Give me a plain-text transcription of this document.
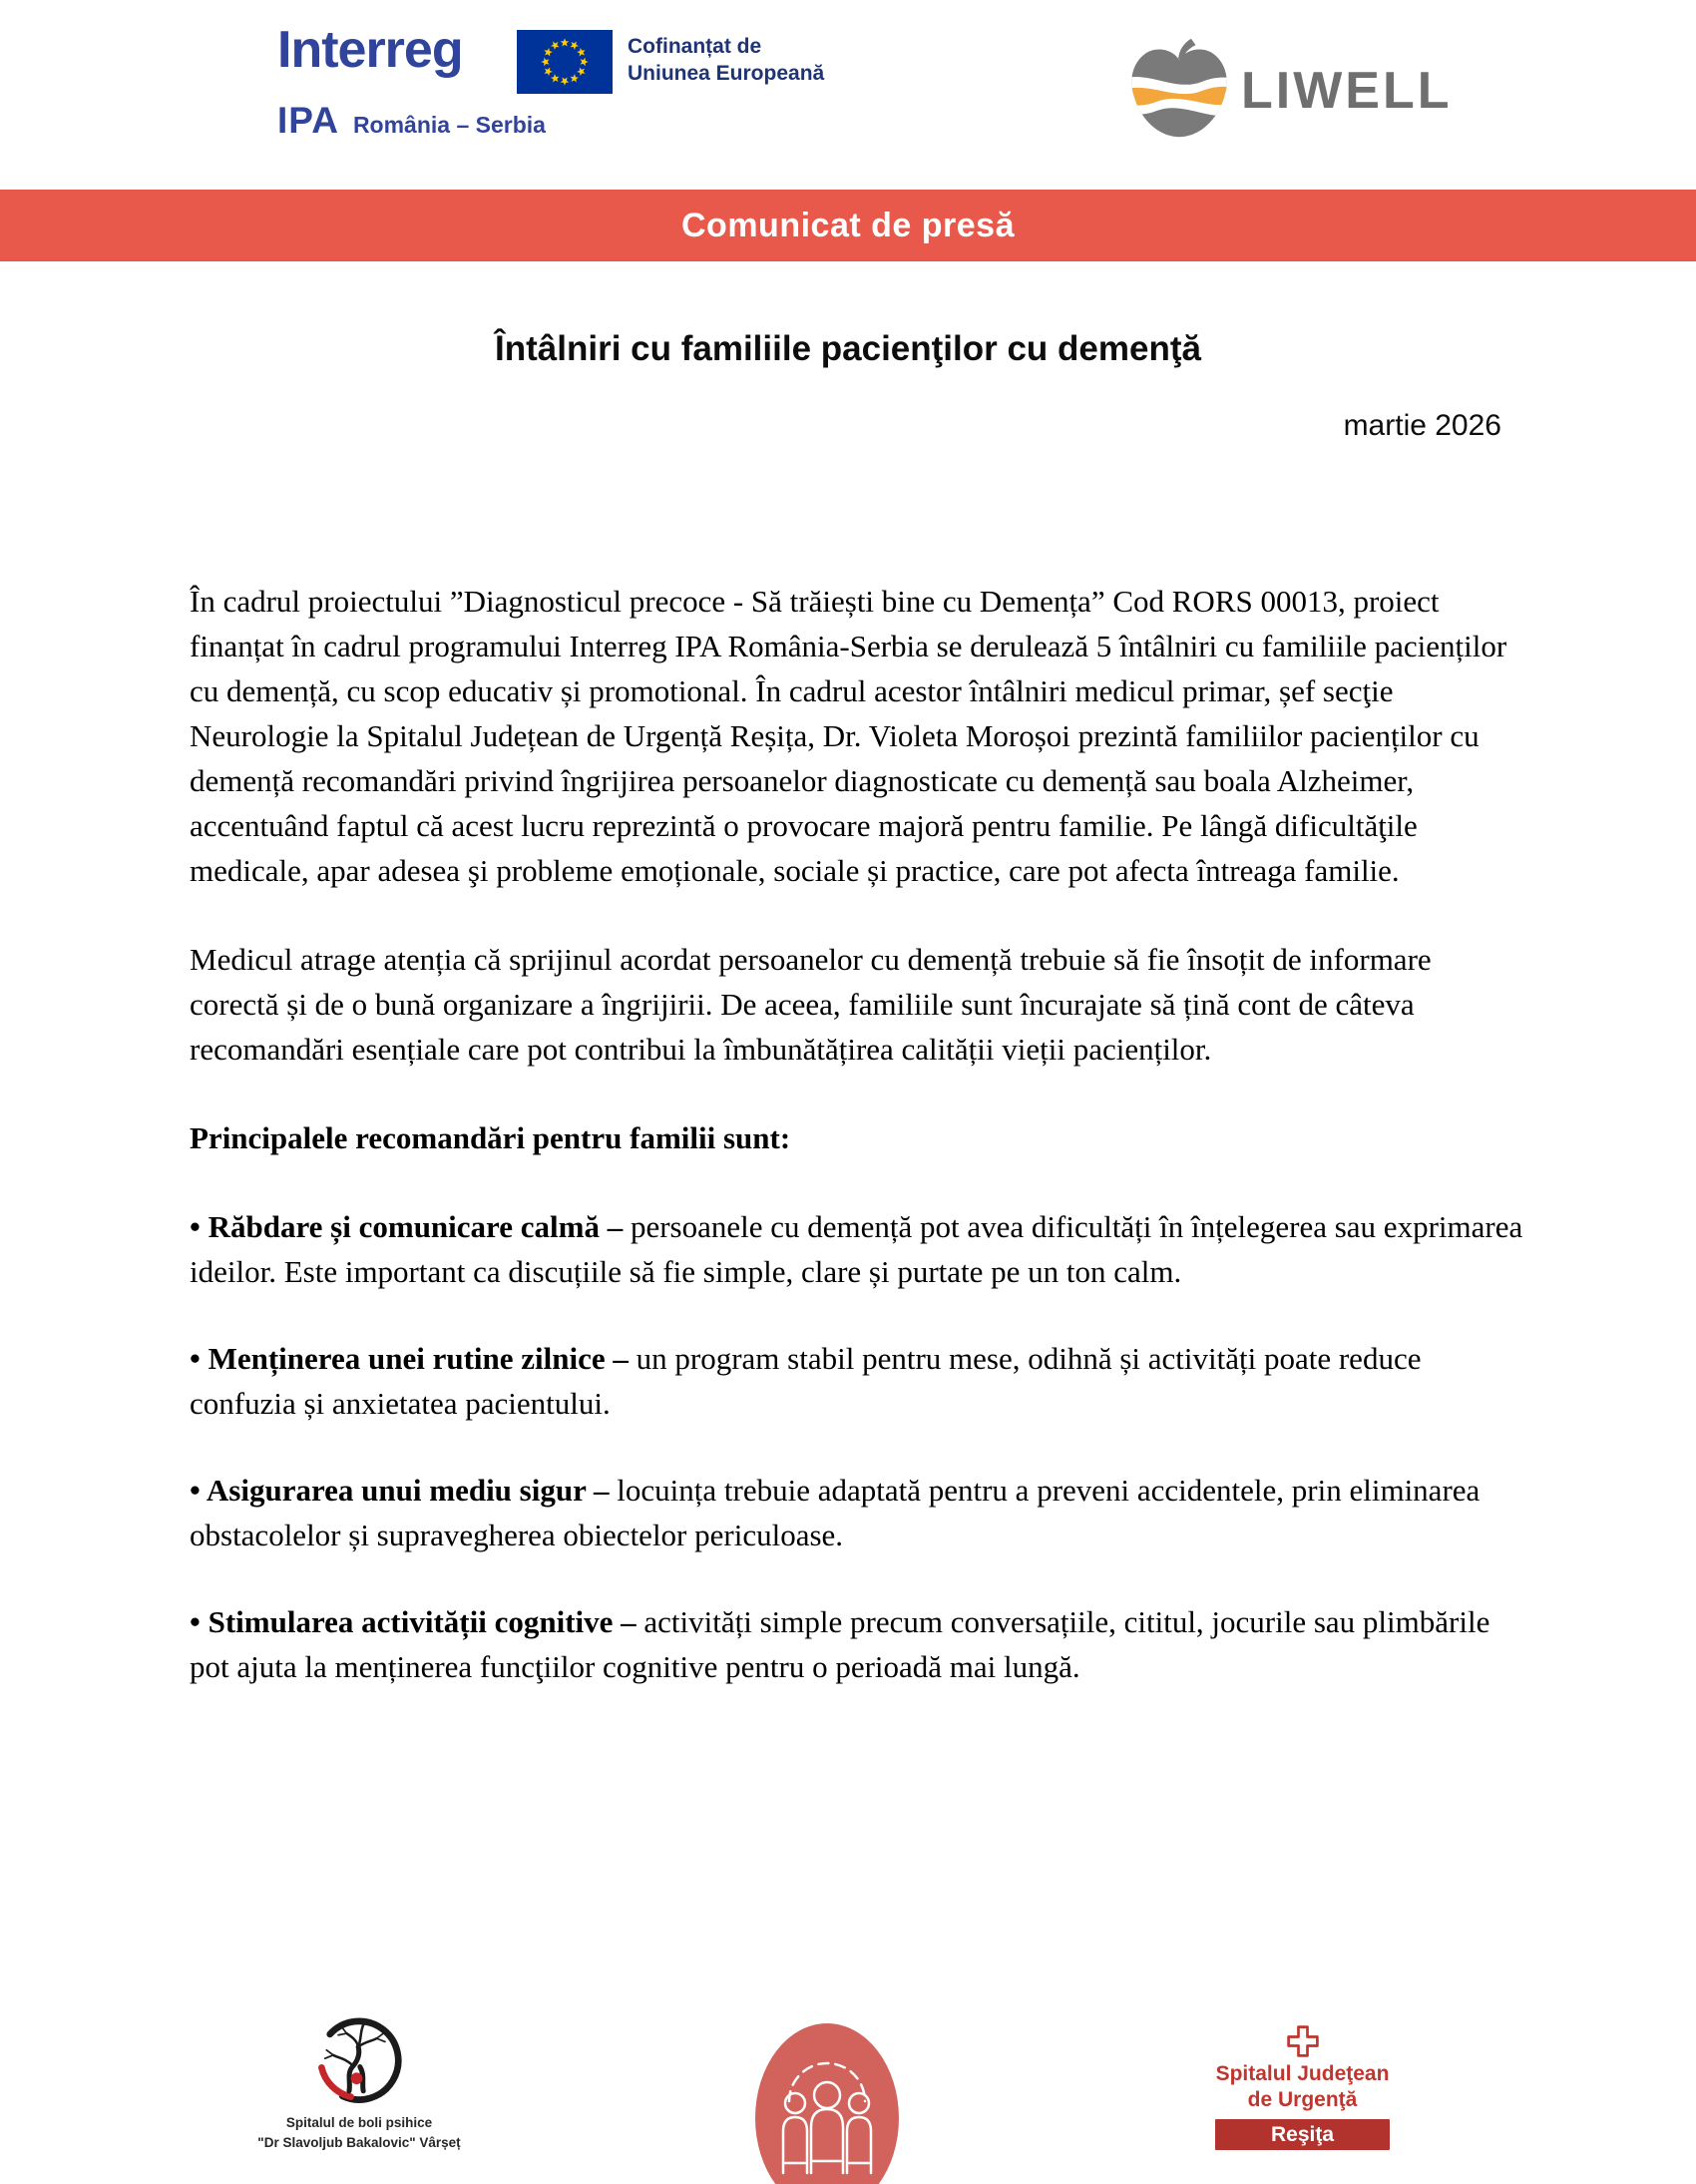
Interreg
IPA România – Serbia
Cofinanțat de
Uniunea Europeană	LIWELL
Comunicat de presă
Întâlniri cu familiile pacienţilor cu demenţă
martie 2026

În cadrul proiectului ”Diagnosticul precoce - Să trăiești bine cu Demența” Cod RORS 00013, proiect finanțat în cadrul programului Interreg IPA România-Serbia se derulează 5 întâlniri cu familiile pacienților cu demență, cu scop educativ și promotional. În cadrul acestor întâlniri medicul primar, șef secţie Neurologie la Spitalul Județean de Urgență Reșița, Dr. Violeta Moroșoi prezintă familiilor pacienților cu demență recomandări privind îngrijirea persoanelor diagnosticate cu demență sau boala Alzheimer, accentuând faptul că acest lucru reprezintă o provocare majoră pentru familie. Pe lângă dificultăţile medicale, apar adesea şi probleme emoționale, sociale și practice, care pot afecta întreaga familie.

Medicul atrage atenția că sprijinul acordat persoanelor cu demență trebuie să fie însoțit de informare corectă și de o bună organizare a îngrijirii. De aceea, familiile sunt încurajate să țină cont de câteva recomandări esențiale care pot contribui la îmbunătățirea calității vieții pacienților.

Principalele recomandări pentru familii sunt:

• Răbdare și comunicare calmă – persoanele cu demență pot avea dificultăți în înțelegerea sau exprimarea ideilor. Este important ca discuțiile să fie simple, clare și purtate pe un ton calm.

• Menținerea unei rutine zilnice – un program stabil pentru mese, odihnă și activități poate reduce confuzia și anxietatea pacientului.

• Asigurarea unui mediu sigur – locuința trebuie adaptată pentru a preveni accidentele, prin eliminarea obstacolelor și supravegherea obiectelor periculoase.

• Stimularea activității cognitive – activități simple precum conversațiile, cititul, jocurile sau plimbările pot ajuta la menținerea funcţiilor cognitive pentru o perioadă mai lungă.

Spitalul de boli psihice
"Dr Slavoljub Bakalovic" Vârșeț
Spitalul Judeţean
de Urgenţă
Reşiţa
